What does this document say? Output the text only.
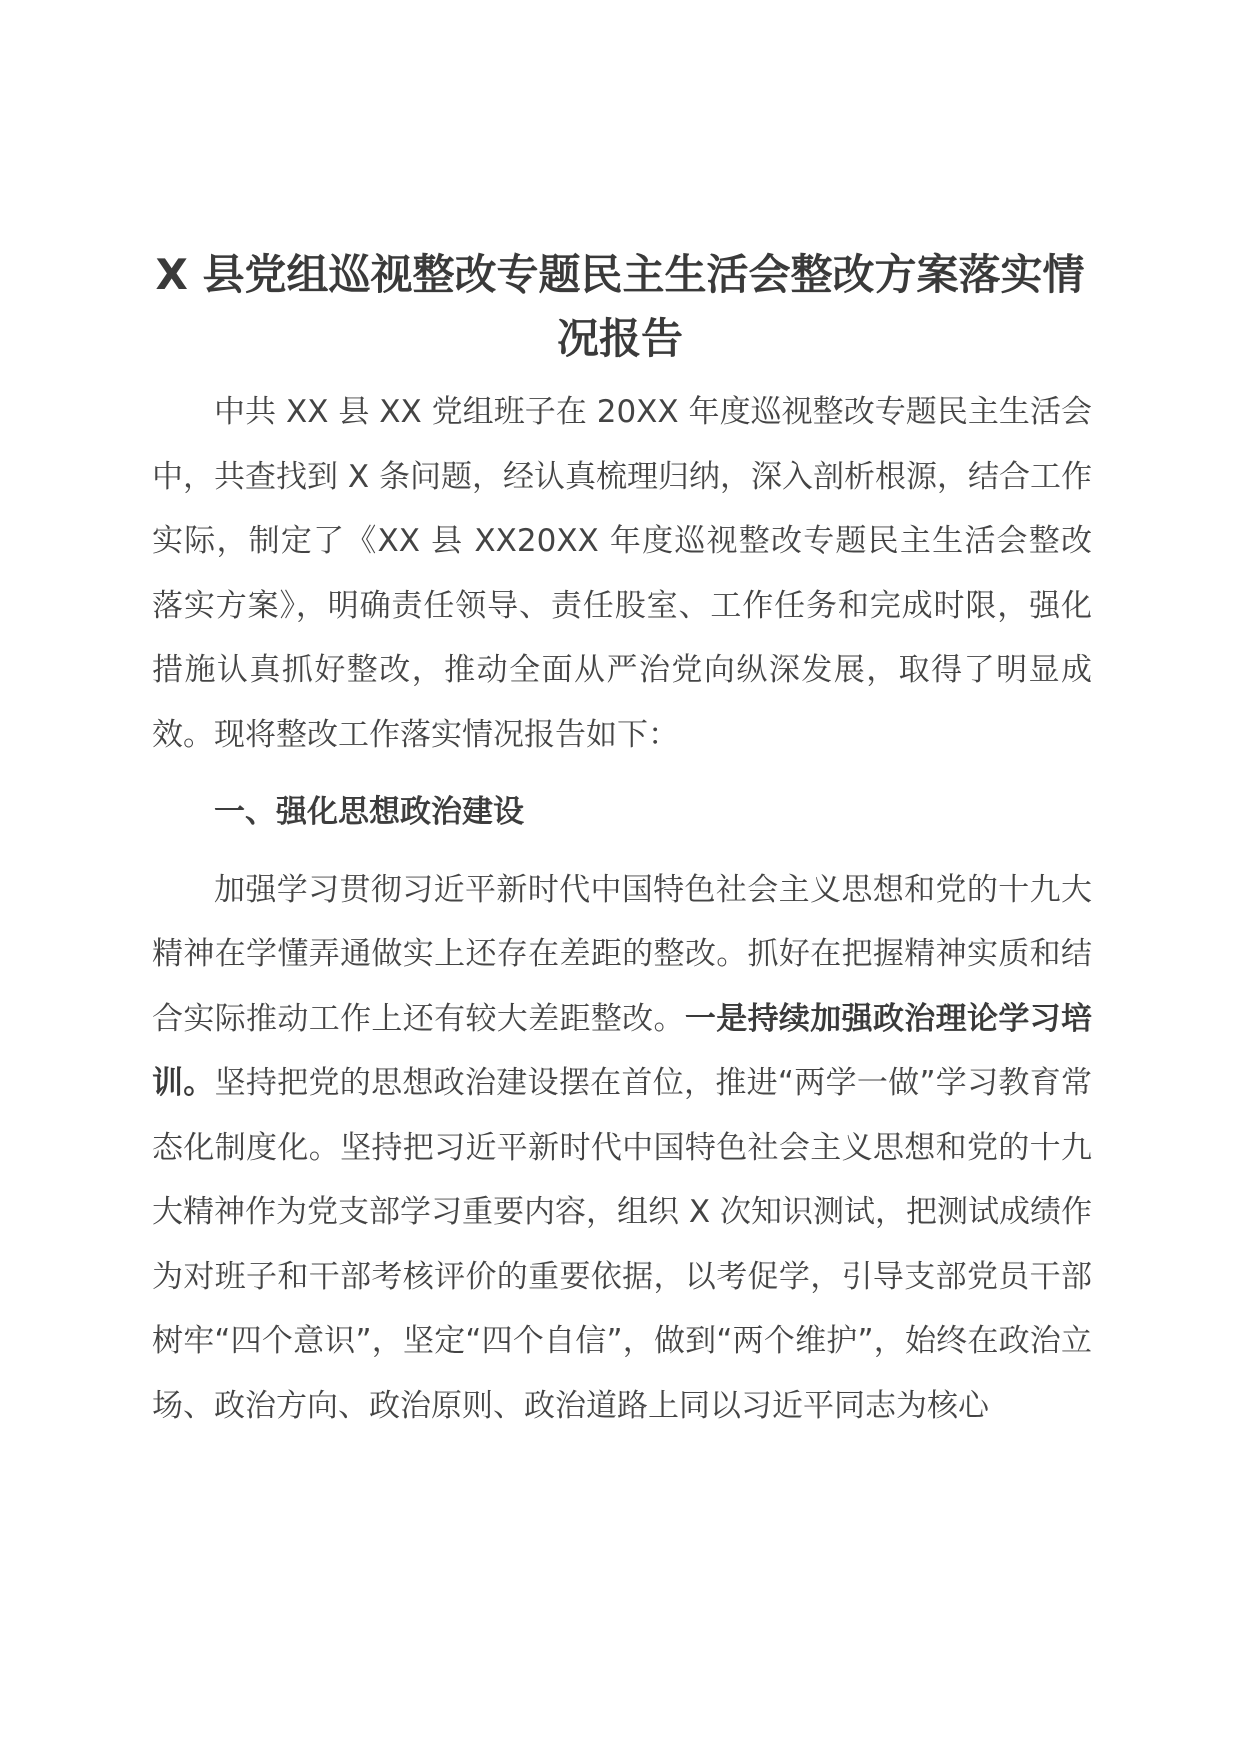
X 县党组巡视整改专题民主生活会整改方案落实情况报告

中共 XX 县 XX 党组班子在 20XX 年度巡视整改专题民主生活会中，共查找到 X 条问题，经认真梳理归纳，深入剖析根源，结合工作实际，制定了《XX 县 XX20XX 年度巡视整改专题民主生活会整改落实方案》，明确责任领导、责任股室、工作任务和完成时限，强化措施认真抓好整改，推动全面从严治党向纵深发展，取得了明显成效。现将整改工作落实情况报告如下：

一、强化思想政治建设

加强学习贯彻习近平新时代中国特色社会主义思想和党的十九大精神在学懂弄通做实上还存在差距的整改。抓好在把握精神实质和结合实际推动工作上还有较大差距整改。一是持续加强政治理论学习培训。坚持把党的思想政治建设摆在首位，推进“两学一做”学习教育常态化制度化。坚持把习近平新时代中国特色社会主义思想和党的十九大精神作为党支部学习重要内容，组织 X 次知识测试，把测试成绩作为对班子和干部考核评价的重要依据，以考促学，引导支部党员干部树牢“四个意识”，坚定“四个自信”，做到“两个维护”，始终在政治立场、政治方向、政治原则、政治道路上同以习近平同志为核心
